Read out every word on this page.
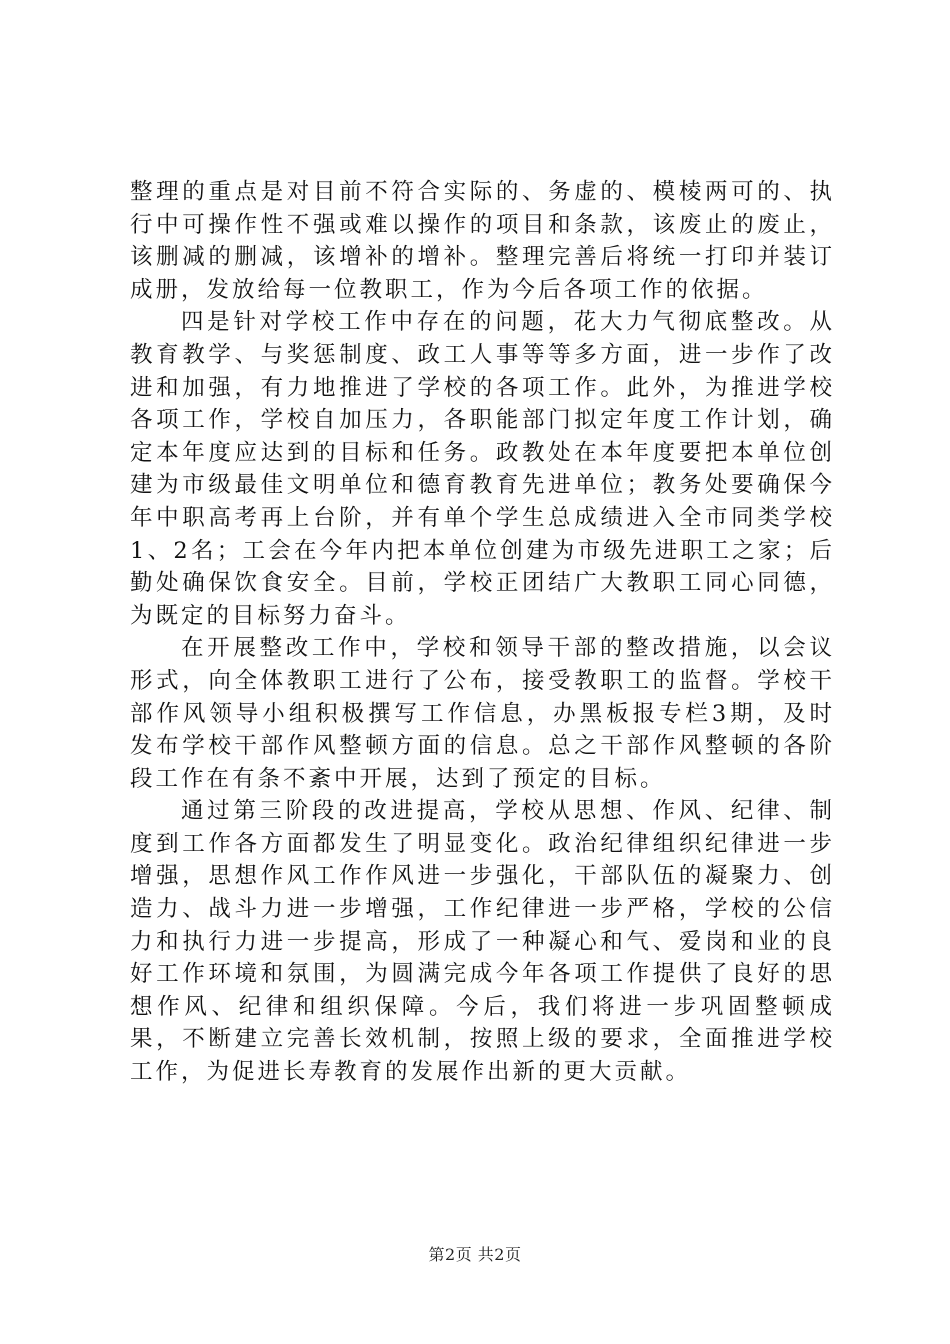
整理的重点是对目前不符合实际的、务虚的、模棱两可的、执行中可操作性不强或难以操作的项目和条款，该废止的废止，该删减的删减，该增补的增补。整理完善后将统一打印并装订成册，发放给每一位教职工，作为今后各项工作的依据。

四是针对学校工作中存在的问题，花大力气彻底整改。从教育教学、与奖惩制度、政工人事等等多方面，进一步作了改进和加强，有力地推进了学校的各项工作。此外，为推进学校各项工作，学校自加压力，各职能部门拟定年度工作计划，确定本年度应达到的目标和任务。政教处在本年度要把本单位创建为市级最佳文明单位和德育教育先进单位；教务处要确保今年中职高考再上台阶，并有单个学生总成绩进入全市同类学校1、2名；工会在今年内把本单位创建为市级先进职工之家；后勤处确保饮食安全。目前，学校正团结广大教职工同心同德，为既定的目标努力奋斗。

在开展整改工作中，学校和领导干部的整改措施，以会议形式，向全体教职工进行了公布，接受教职工的监督。学校干部作风领导小组积极撰写工作信息，办黑板报专栏3期，及时发布学校干部作风整顿方面的信息。总之干部作风整顿的各阶段工作在有条不紊中开展，达到了预定的目标。

通过第三阶段的改进提高，学校从思想、作风、纪律、制度到工作各方面都发生了明显变化。政治纪律组织纪律进一步增强，思想作风工作作风进一步强化，干部队伍的凝聚力、创造力、战斗力进一步增强，工作纪律进一步严格，学校的公信力和执行力进一步提高，形成了一种凝心和气、爱岗和业的良好工作环境和氛围，为圆满完成今年各项工作提供了良好的思想作风、纪律和组织保障。今后，我们将进一步巩固整顿成果，不断建立完善长效机制，按照上级的要求，全面推进学校工作，为促进长寿教育的发展作出新的更大贡献。

第2页 共2页
